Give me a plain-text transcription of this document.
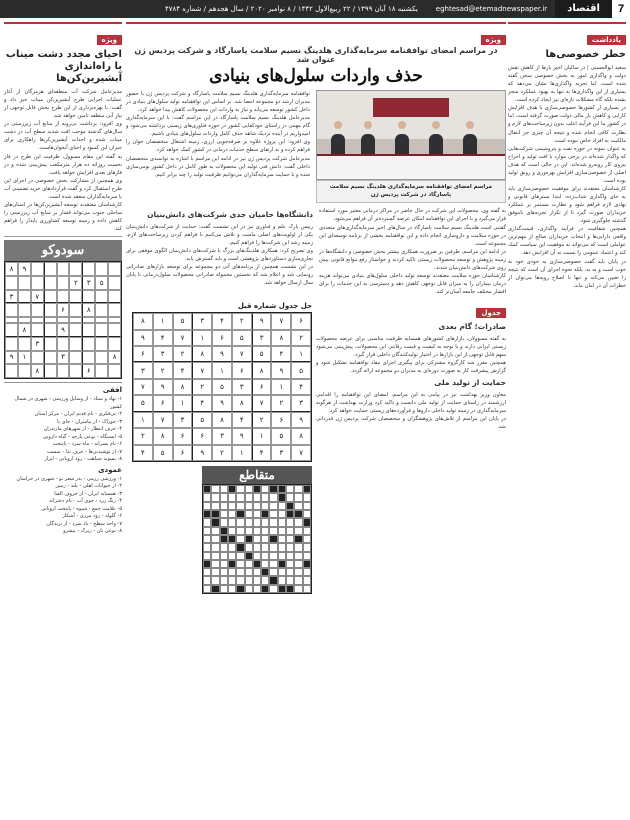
7
اقتصاد
eghtesad@etemadnewspaper.ir
یکشنبه ۱۸ آبان ۱۳۹۹ / ۲۲ ربیع‌الاول ۱۴۴۲ / ۸ نوامبر ۲۰۲۰ / سال هجدهم / شماره ۴۷۸۴
یادداشت
خطر خصوصی‌ها

سعید ابوالحسنی | در سالیان اخیر بارها از کاهش نقش دولت و واگذاری امور به بخش خصوصی سخن گفته شده است، اما تجربه واگذاری‌ها نشان می‌دهد که بسیاری از این واگذاری‌ها نه تنها به بهبود عملکرد منجر نشده بلکه گاه مشکلات تازه‌ای نیز ایجاد کرده است.

در بسیاری از کشورها خصوصی‌سازی با هدف افزایش کارایی و کاهش بار مالی دولت صورت گرفته است. اما در کشور ما این فرآیند اغلب بدون زیرساخت‌های لازم و نظارت کافی انجام شده و نتیجه آن چیزی جز انتقال مالکیت به افراد خاص نبوده است.

به عنوان نمونه در حوزه نفت و پتروشیمی شرکت‌هایی که واگذار شده‌اند در برخی موارد با افت تولید و اخراج نیروی کار روبه‌رو شده‌اند. این در حالی است که هدف اصلی از خصوصی‌سازی افزایش بهره‌وری و رونق تولید بوده است.

کارشناسان معتقدند برای موفقیت خصوصی‌سازی باید به جای واگذاری شتاب‌زده، ابتدا بسترهای قانونی و نهادی لازم فراهم شود و نظارت مستمر بر عملکرد خریداران صورت گیرد تا از تکرار تجربه‌های ناموفق گذشته جلوگیری شود.

همچنین شفافیت در فرآیند واگذاری، قیمت‌گذاری واقعی دارایی‌ها و انتخاب خریداران صالح از مهم‌ترین عواملی است که می‌تواند به موفقیت این سیاست کمک کند و اعتماد عمومی را نسبت به آن افزایش دهد.

در پایان باید گفت خصوصی‌سازی به خودی خود نه خوب است و نه بد، بلکه نحوه اجرای آن است که نتیجه را تعیین می‌کند و تنها با اصلاح رویه‌ها می‌توان از خطرات آن در امان ماند.

ویژه
در مراسم امضای توافقنامه سرمایه‌گذاری هلدینگ نسیم سلامت پاسارگاد و شرکت پردیس ژن عنوان شد
حذف واردات سلول‌های بنیادی
مراسم امضای توافقنامه سرمایه‌گذاری هلدینگ نسیم سلامت پاسارگاد در شرکت پردیس ژن

توافقنامه سرمایه‌گذاری هلدینگ نسیم سلامت پاسارگاد و شرکت پردیس ژن با حضور مدیران ارشد دو مجموعه امضا شد. بر اساس این توافقنامه تولید سلول‌های بنیادی در داخل کشور توسعه می‌یابد و نیاز به واردات این محصولات کاهش پیدا خواهد کرد.

مدیرعامل هلدینگ نسیم سلامت پاسارگاد در این مراسم گفت: با این سرمایه‌گذاری گام مهمی در راستای خودکفایی کشور در حوزه فناوری‌های زیستی برداشته می‌شود و امیدواریم در آینده نزدیک شاهد حذف کامل واردات سلول‌های بنیادی باشیم.

وی افزود: این پروژه علاوه بر صرفه‌جویی ارزی، زمینه اشتغال متخصصان جوان را فراهم کرده و به ارتقای سطح خدمات درمانی در کشور کمک خواهد کرد.

مدیرعامل شرکت پردیس ژن نیز در ادامه این مراسم با اشاره به توانمندی متخصصان داخلی گفت: دانش فنی تولید این محصولات به طور کامل در داخل کشور بومی‌سازی شده و با حمایت سرمایه‌گذاران می‌توانیم ظرفیت تولید را چند برابر کنیم.

به گفته وی، محصولات این شرکت در حال حاضر در مراکز درمانی معتبر مورد استفاده قرار می‌گیرد و با اجرای این توافقنامه امکان عرضه گسترده‌تر آن فراهم می‌شود.

گفتنی است هلدینگ نسیم سلامت پاسارگاد در سال‌های اخیر سرمایه‌گذاری‌های متعددی در حوزه سلامت و داروسازی انجام داده و این توافقنامه بخشی از برنامه توسعه‌ای این مجموعه است.

در ادامه این مراسم، طرفین بر ضرورت همکاری بیشتر بخش خصوصی و دانشگاه‌ها در زمینه پژوهش و توسعه محصولات زیستی تاکید کردند و خواستار رفع موانع قانونی پیش روی شرکت‌های دانش‌بنیان شدند.

کارشناسان حوزه سلامت معتقدند توسعه تولید داخلی سلول‌های بنیادی می‌تواند هزینه درمان بیماران را به میزان قابل توجهی کاهش دهد و دسترسی به این خدمات را برای اقشار مختلف جامعه آسان‌تر کند.

دانشگاه‌ها حامیان جدی شرکت‌های دانش‌بنیان

رییس پارک علم و فناوری نیز در این نشست گفت: حمایت از شرکت‌های دانش‌بنیان یکی از اولویت‌های اصلی ماست و تلاش می‌کنیم با فراهم کردن زیرساخت‌های لازم، زمینه رشد این شرکت‌ها را فراهم کنیم.

وی تصریح کرد: همکاری هلدینگ‌های بزرگ با شرکت‌های دانش‌بنیان الگوی موفقی برای تجاری‌سازی دستاوردهای پژوهشی است و باید گسترش یابد.

در این نشست همچنین از برنامه‌های آتی دو مجموعه برای توسعه بازارهای صادراتی رونمایی شد و اعلام شد که نخستین محموله صادراتی محصولات سلول‌درمانی تا پایان سال ارسال خواهد شد.

جدول
صادرات؛ گام بعدی

به گفته مسوولان، بازارهای کشورهای همسایه ظرفیت مناسبی برای عرضه محصولات زیستی ایرانی دارند و با توجه به کیفیت و قیمت رقابتی این محصولات، پیش‌بینی می‌شود سهم قابل توجهی از این بازارها در اختیار تولیدکنندگان داخلی قرار گیرد.

همچنین مقرر شد کارگروه مشترکی برای پیگیری اجرای مفاد توافقنامه تشکیل شود و گزارش پیشرفت کار به صورت دوره‌ای به مدیران دو مجموعه ارائه گردد.

حمایت از تولید ملی

معاون وزیر بهداشت نیز در پیامی به این مراسم، امضای این توافقنامه را اقدامی ارزشمند در راستای حمایت از تولید ملی دانست و تاکید کرد وزارت بهداشت از هرگونه سرمایه‌گذاری در زمینه تولید داخلی داروها و فرآورده‌های زیستی حمایت خواهد کرد.

در پایان این مراسم از تلاش‌های پژوهشگران و متخصصان شرکت پردیس ژن قدردانی شد.

حل جدول شماره قبل
۶
۷
۹
۲
۴
۳
۵
۱
۸
۲
۸
۳
۵
۶
۱
۷
۴
۹
۱
۴
۵
۷
۹
۸
۲
۳
۶
۵
۹
۸
۶
۱
۷
۴
۲
۳
۴
۱
۶
۳
۵
۲
۸
۹
۷
۳
۲
۷
۸
۹
۴
۱
۶
۵
۹
۶
۲
۴
۸
۵
۳
۷
۱
۸
۵
۱
۹
۳
۶
۶
۸
۲
۷
۳
۴
۱
۲
۹
۶
۵
۴
متقاطع
ویژه
احیای مجدد دشت میناب با راه‌اندازی آبشیرین‌کن‌ها

مدیرعامل شرکت آب منطقه‌ای هرمزگان از آغاز عملیات اجرایی طرح آبشیرین‌کن میناب خبر داد و گفت: با بهره‌برداری از این طرح بخش قابل توجهی از نیاز آبی منطقه تامین خواهد شد.

وی افزود: برداشت بی‌رویه از منابع آب زیرزمینی در سال‌های گذشته موجب افت شدید سطح آب در دشت میناب شده و احداث آبشیرین‌کن‌ها راهکاری برای جبران این کمبود و احیای آبخوان‌هاست.

به گفته این مقام مسوول، ظرفیت این طرح در فاز نخست روزانه ده هزار مترمکعب پیش‌بینی شده و در فازهای بعدی افزایش خواهد یافت.

وی همچنین از مشارکت بخش خصوصی در اجرای این طرح استقبال کرد و گفت قراردادهای خرید تضمینی آب با سرمایه‌گذاران منعقد شده است.

کارشناسان معتقدند توسعه آبشیرین‌کن‌ها در استان‌های ساحلی جنوب می‌تواند فشار بر منابع آب زیرزمینی را کاهش داده و زمینه توسعه کشاورزی پایدار را فراهم کند.

سودوکو
۹
۸
۵
۳
۲
۷
۳
۸
۶
۹
۸
۳
۸
۳
۱
۹
۶
۸
افقی
۱- نهاد و ستاد - از وسایل ورزشی - شهری در شمال کشور
۲- بی‌فکری - نام قدیم ایران - مرکز استان
۳- خوراک - از پیامبران - جای پا
۴- حرف انتظار - از شهرهای مازندران
۵- ایستگاه - نوعی پارچه - گیاه دارویی
۶- نام پسرانه - ماه سرد - پایتخت
۷- از نوشیدنی‌ها - حرف ندا - سست
۸- پسوند شباهت - رود اروپایی - ابزار
عمودی
۱- ورزشی رزمی - پدر شعر نو - شهری در خراسان
۲- از حیوانات اهلی - بلند - زمین
۳- همسایه ایران - از حروف الفبا
۴- رنگ زرد - جوی آب - نام دخترانه
۵- علامت جمع - شیوه - پایتخت اروپایی
۶- گلوله - رود مرزی - آشکار
۷- واحد سطح - باد سرد - از پرندگان
۸- نوعی نان - زیرک - پیشرو
